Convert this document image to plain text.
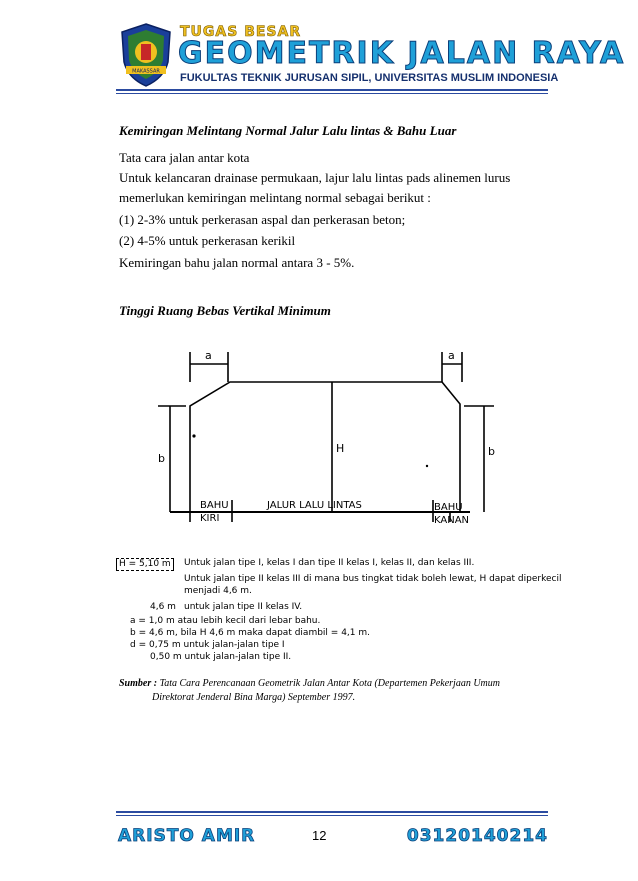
MAKASSAR
TUGAS BESAR
GEOMETRIK JALAN RAYA
FUKULTAS TEKNIK JURUSAN SIPIL, UNIVERSITAS MUSLIM INDONESIA
Kemiringan Melintang Normal Jalur Lalu lintas & Bahu Luar
Tata cara jalan antar kota
Untuk kelancaran drainase permukaan, lajur lalu lintas pads alinemen lurus
memerlukan kemiringan melintang normal sebagai berikut :
(1) 2-3% untuk perkerasan aspal dan perkerasan beton;
(2) 4-5% untuk perkerasan kerikil
Kemiringan bahu jalan normal antara 3 - 5%.
Tinggi Ruang Bebas Vertikal Minimum
a	a
b
b
H
BAHU
KIRI
JALUR LALU LINTAS	BAHU
KANAN
H = 5,10 m	Untuk jalan tipe I, kelas I dan tipe II kelas I, kelas II, dan kelas III.
Untuk jalan tipe II kelas III di mana bus tingkat tidak boleh lewat, H dapat diperkecil
menjadi 4,6 m.
4,6 m untuk jalan tipe II kelas IV.
a = 1,0 m atau lebih kecil dari lebar bahu.
b = 4,6 m, bila H 4,6 m maka dapat diambil = 4,1 m.
d = 0,75 m untuk jalan-jalan tipe I
0,50 m untuk jalan-jalan tipe II.
Sumber : Tata Cara Perencanaan Geometrik Jalan Antar Kota (Departemen Pekerjaan Umum
Direktorat Jenderal Bina Marga) September 1997.
ARISTO AMIR	12	03120140214
